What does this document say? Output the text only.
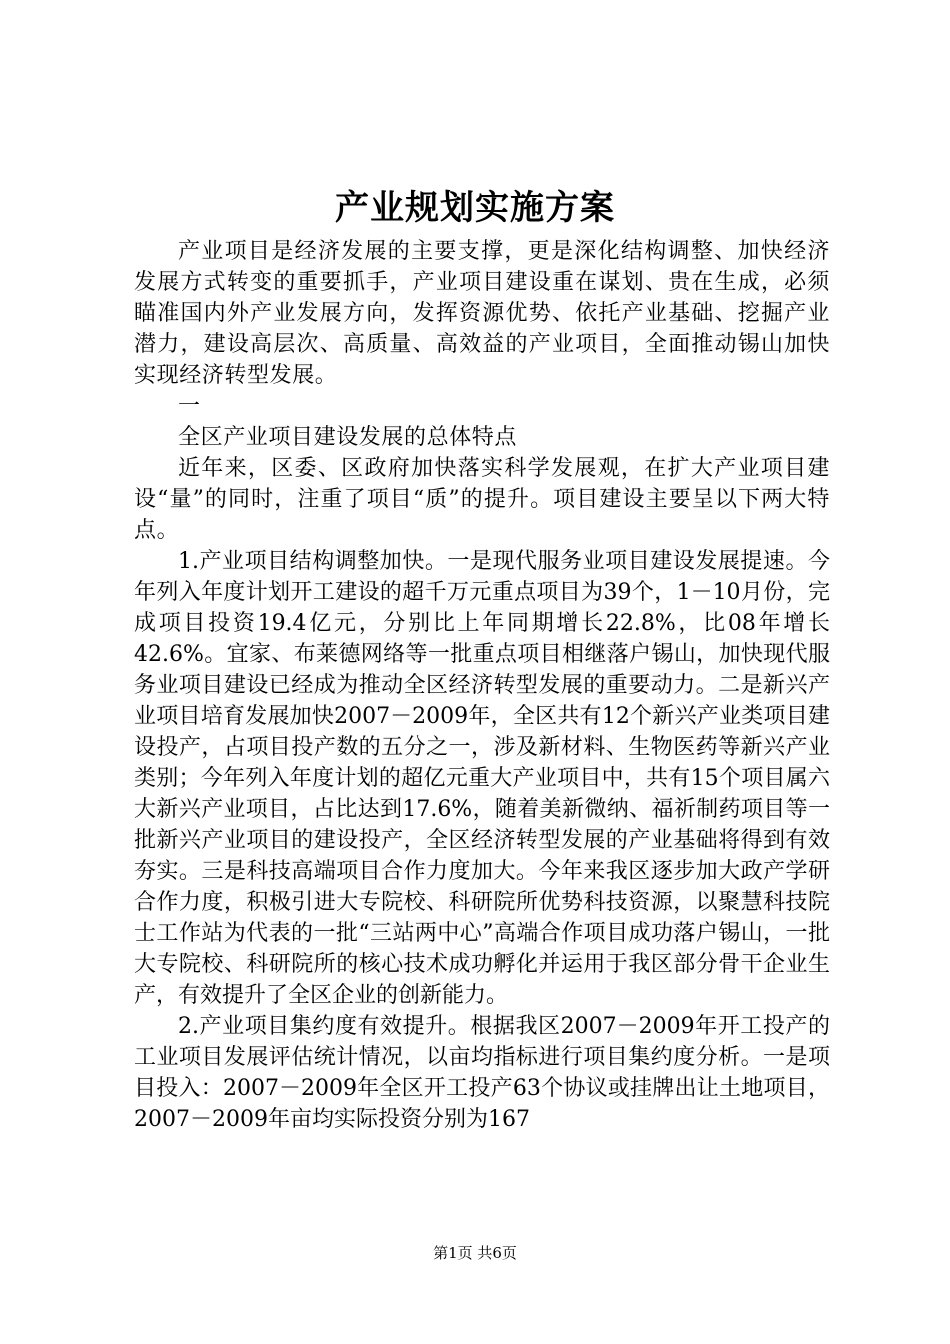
产业规划实施方案

产业项目是经济发展的主要支撑，更是深化结构调整、加快经济发展方式转变的重要抓手，产业项目建设重在谋划、贵在生成，必须瞄准国内外产业发展方向，发挥资源优势、依托产业基础、挖掘产业潜力，建设高层次、高质量、高效益的产业项目，全面推动锡山加快实现经济转型发展。

一

全区产业项目建设发展的总体特点

近年来，区委、区政府加快落实科学发展观，在扩大产业项目建设“量”的同时，注重了项目“质”的提升。项目建设主要呈以下两大特点。

1.产业项目结构调整加快。一是现代服务业项目建设发展提速。今年列入年度计划开工建设的超千万元重点项目为39个，1－10月份，完成项目投资19.4亿元，分别比上年同期增长22.8%，比08年增长42.6%。宜家、布莱德网络等一批重点项目相继落户锡山，加快现代服务业项目建设已经成为推动全区经济转型发展的重要动力。二是新兴产业项目培育发展加快2007－2009年，全区共有12个新兴产业类项目建设投产，占项目投产数的五分之一，涉及新材料、生物医药等新兴产业类别；今年列入年度计划的超亿元重大产业项目中，共有15个项目属六大新兴产业项目，占比达到17.6%，随着美新微纳、福祈制药项目等一批新兴产业项目的建设投产，全区经济转型发展的产业基础将得到有效夯实。三是科技高端项目合作力度加大。今年来我区逐步加大政产学研合作力度，积极引进大专院校、科研院所优势科技资源，以聚慧科技院士工作站为代表的一批“三站两中心”高端合作项目成功落户锡山，一批大专院校、科研院所的核心技术成功孵化并运用于我区部分骨干企业生产，有效提升了全区企业的创新能力。

2.产业项目集约度有效提升。根据我区2007－2009年开工投产的工业项目发展评估统计情况，以亩均指标进行项目集约度分析。一是项目投入：2007－2009年全区开工投产63个协议或挂牌出让土地项目，2007－2009年亩均实际投资分别为167

第1页 共6页
